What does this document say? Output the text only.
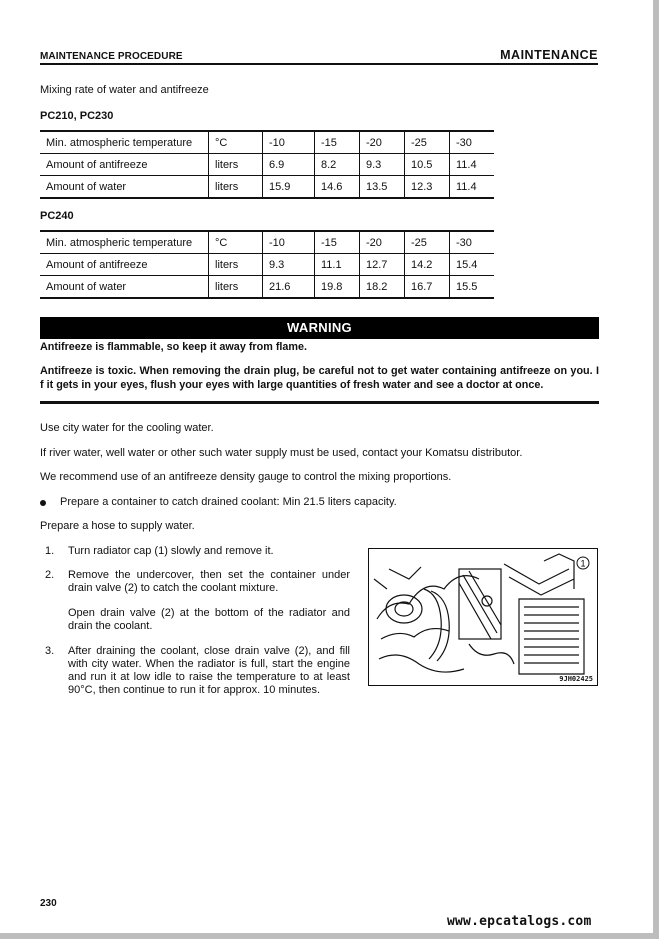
MAINTENANCE PROCEDURE	MAINTENANCE
Mixing rate of water and antifreeze
PC210, PC230
Min. atmospheric temperature	°C	-10	-15	-20	-25	-30
Amount of antifreeze	liters	6.9	8.2	9.3	10.5	11.4
Amount of water	liters	15.9	14.6	13.5	12.3	11.4
PC240
Min. atmospheric temperature	°C	-10	-15	-20	-25	-30
Amount of antifreeze	liters	9.3	11.1	12.7	14.2	15.4
Amount of water	liters	21.6	19.8	18.2	16.7	15.5
WARNING
Antifreeze is flammable, so keep it away from flame.
Antifreeze is toxic. When removing the drain plug, be careful not to get water containing antifreeze on you. I f it gets in your eyes, flush your eyes with large quantities of fresh water and see a doctor at once.
Use city water for the cooling water.
If river water, well water or other such water supply must be used, contact your Komatsu distributor.
We recommend use of an antifreeze density gauge to control the mixing proportions.
Prepare a container to catch drained coolant: Min 21.5 liters capacity.
Prepare a hose to supply water.
1. Turn radiator cap (1) slowly and remove it.
2. Remove the undercover, then set the container under drain valve (2) to catch the coolant mixture.
Open drain valve (2) at the bottom of the radiator and drain the coolant.
3. After draining the coolant, close drain valve (2), and fill with city water. When the radiator is full, start the engine and run it at low idle to raise the temperature to at least 90°C, then continue to run it for approx. 10 minutes.
1
9JH02425
230
www.epcatalogs.com
